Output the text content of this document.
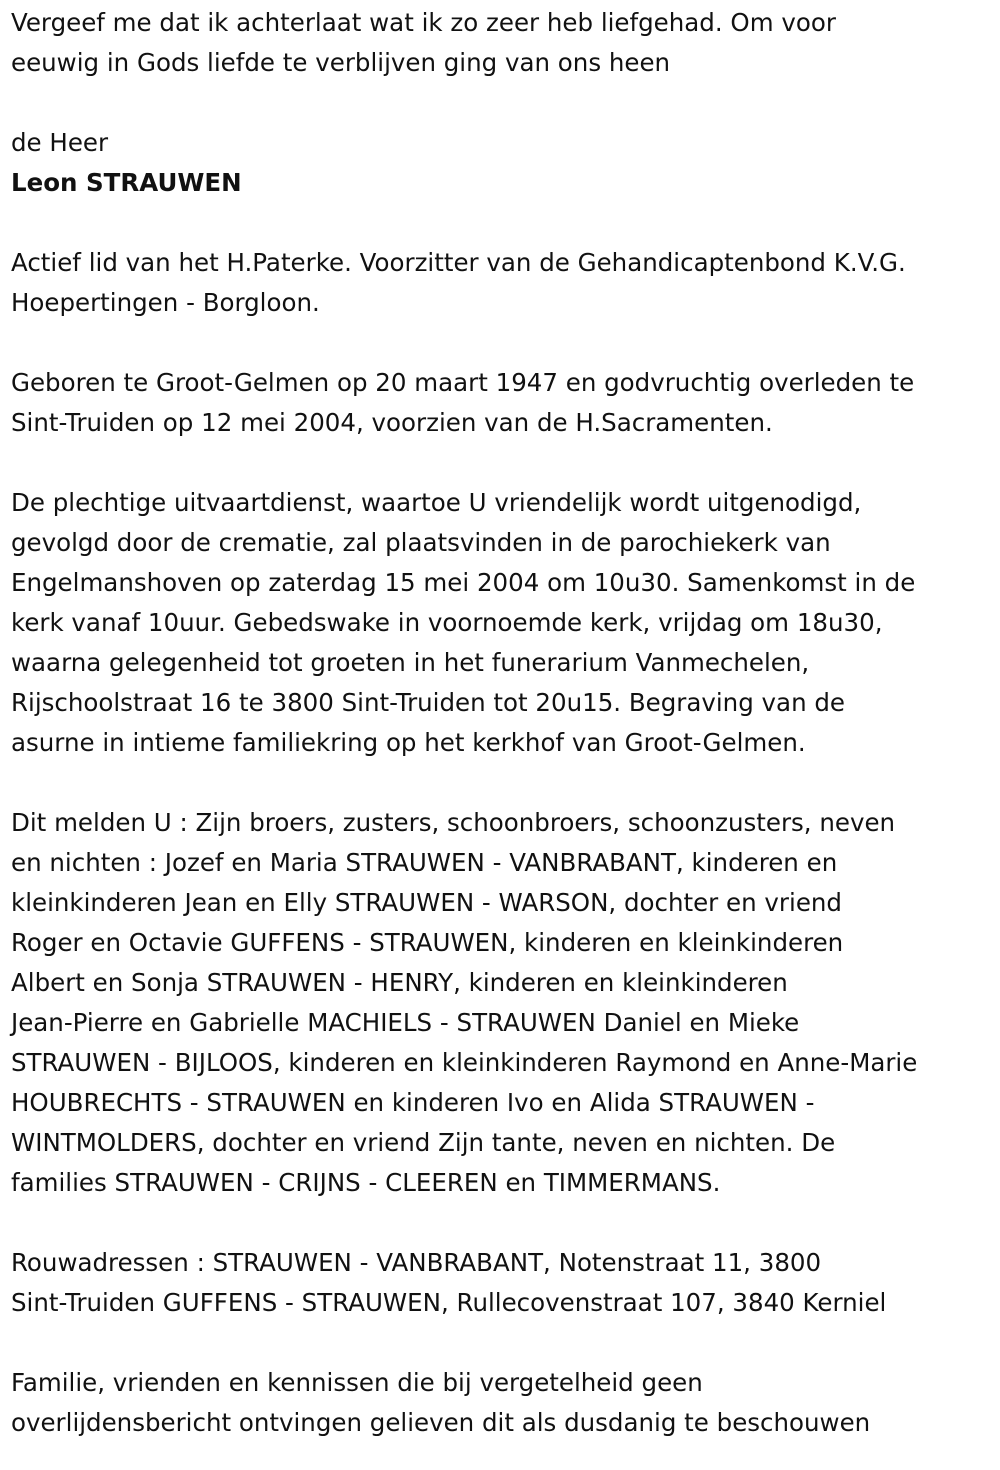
Vergeef me dat ik achterlaat wat ik zo zeer heb liefgehad. Om voor
eeuwig in Gods liefde te verblijven ging van ons heen

de Heer
Leon STRAUWEN

Actief lid van het H.Paterke. Voorzitter van de Gehandicaptenbond K.V.G.
Hoepertingen - Borgloon.

Geboren te Groot-Gelmen op 20 maart 1947 en godvruchtig overleden te
Sint-Truiden op 12 mei 2004, voorzien van de H.Sacramenten.

De plechtige uitvaartdienst, waartoe U vriendelijk wordt uitgenodigd,
gevolgd door de crematie, zal plaatsvinden in de parochiekerk van
Engelmanshoven op zaterdag 15 mei 2004 om 10u30. Samenkomst in de
kerk vanaf 10uur. Gebedswake in voornoemde kerk, vrijdag om 18u30,
waarna gelegenheid tot groeten in het funerarium Vanmechelen,
Rijschoolstraat 16 te 3800 Sint-Truiden tot 20u15. Begraving van de
asurne in intieme familiekring op het kerkhof van Groot-Gelmen.

Dit melden U : Zijn broers, zusters, schoonbroers, schoonzusters, neven
en nichten : Jozef en Maria STRAUWEN - VANBRABANT, kinderen en
kleinkinderen Jean en Elly STRAUWEN - WARSON, dochter en vriend
Roger en Octavie GUFFENS - STRAUWEN, kinderen en kleinkinderen
Albert en Sonja STRAUWEN - HENRY, kinderen en kleinkinderen
Jean-Pierre en Gabrielle MACHIELS - STRAUWEN Daniel en Mieke
STRAUWEN - BIJLOOS, kinderen en kleinkinderen Raymond en Anne-Marie
HOUBRECHTS - STRAUWEN en kinderen Ivo en Alida STRAUWEN -
WINTMOLDERS, dochter en vriend Zijn tante, neven en nichten. De
families STRAUWEN - CRIJNS - CLEEREN en TIMMERMANS.

Rouwadressen : STRAUWEN - VANBRABANT, Notenstraat 11, 3800
Sint-Truiden GUFFENS - STRAUWEN, Rullecovenstraat 107, 3840 Kerniel

Familie, vrienden en kennissen die bij vergetelheid geen
overlijdensbericht ontvingen gelieven dit als dusdanig te beschouwen
